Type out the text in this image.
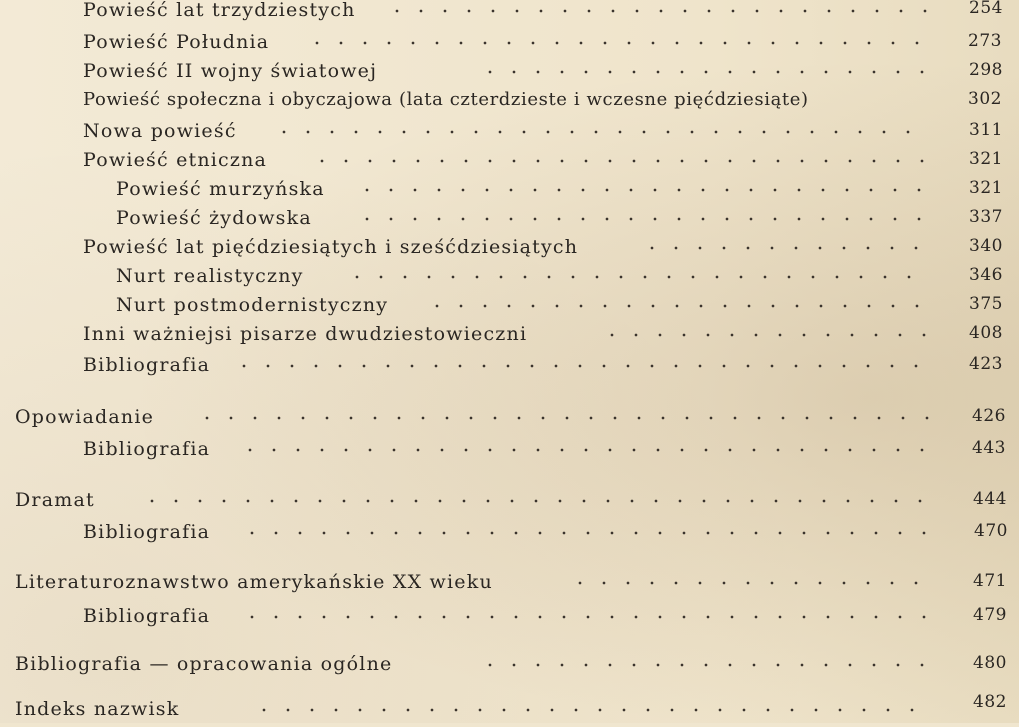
Powieść lat trzydziestych	254
Powieść Południa	273
Powieść II wojny światowej	298
Powieść społeczna i obyczajowa (lata czterdzieste i wczesne pięćdziesiąte)	302
Nowa powieść	311
Powieść etniczna	321
Powieść murzyńska	321
Powieść żydowska	337
Powieść lat pięćdziesiątych i sześćdziesiątych	340
Nurt realistyczny	346
Nurt postmodernistyczny	375
Inni ważniejsi pisarze dwudziestowieczni	408
Bibliografia	423
Opowiadanie	426
Bibliografia	443
Dramat	444
Bibliografia	470
Literaturoznawstwo amerykańskie XX wieku	471
Bibliografia	479
Bibliografia — opracowania ogólne	480
Indeks nazwisk	482
